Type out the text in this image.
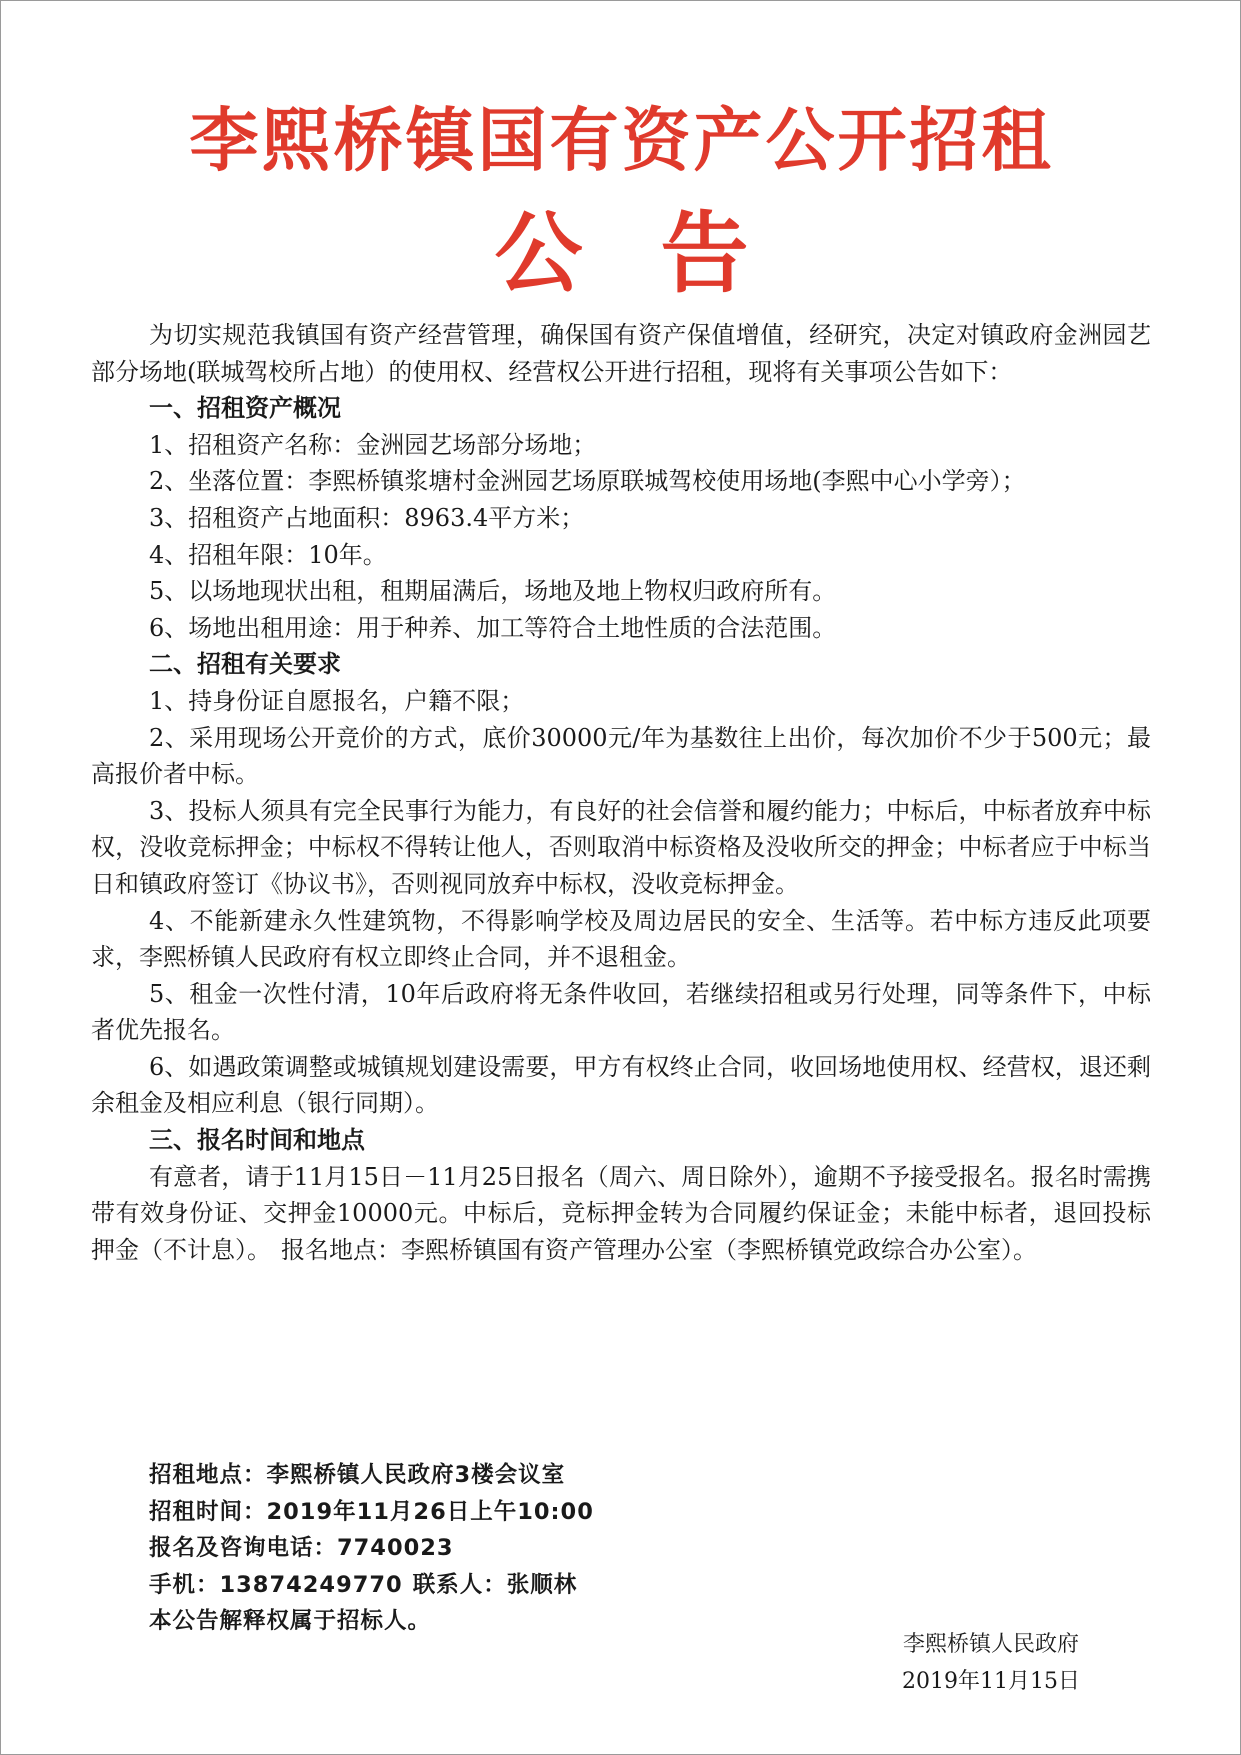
李熙桥镇国有资产公开招租
公告

为切实规范我镇国有资产经营管理，确保国有资产保值增值，经研究，决定对镇政府金洲园艺部分场地(联城驾校所占地）的使用权、经营权公开进行招租，现将有关事项公告如下：

一、招租资产概况

1、招租资产名称：金洲园艺场部分场地；

2、坐落位置：李熙桥镇浆塘村金洲园艺场原联城驾校使用场地(李熙中心小学旁）；

3、招租资产占地面积：8963.4平方米；

4、招租年限：10年。

5、以场地现状出租，租期届满后，场地及地上物权归政府所有。

6、场地出租用途：用于种养、加工等符合土地性质的合法范围。

二、招租有关要求

1、持身份证自愿报名，户籍不限；

2、采用现场公开竞价的方式，底价30000元/年为基数往上出价，每次加价不少于500元；最高报价者中标。

3、投标人须具有完全民事行为能力，有良好的社会信誉和履约能力；中标后，中标者放弃中标权，没收竞标押金；中标权不得转让他人，否则取消中标资格及没收所交的押金；中标者应于中标当日和镇政府签订《协议书》，否则视同放弃中标权，没收竞标押金。

4、不能新建永久性建筑物，不得影响学校及周边居民的安全、生活等。若中标方违反此项要求，李熙桥镇人民政府有权立即终止合同，并不退租金。

5、租金一次性付清，10年后政府将无条件收回，若继续招租或另行处理，同等条件下，中标者优先报名。

6、如遇政策调整或城镇规划建设需要，甲方有权终止合同，收回场地使用权、经营权，退还剩余租金及相应利息（银行同期）。

三、报名时间和地点

有意者，请于11月15日－11月25日报名（周六、周日除外），逾期不予接受报名。报名时需携带有效身份证、交押金10000元。中标后，竞标押金转为合同履约保证金；未能中标者，退回投标押金（不计息）。 报名地点：李熙桥镇国有资产管理办公室（李熙桥镇党政综合办公室）。

招租地点：李熙桥镇人民政府3楼会议室
招租时间：2019年11月26日上午10:00
报名及咨询电话：7740023
手机：13874249770 联系人：张顺林
本公告解释权属于招标人。
李熙桥镇人民政府
2019年11月15日
